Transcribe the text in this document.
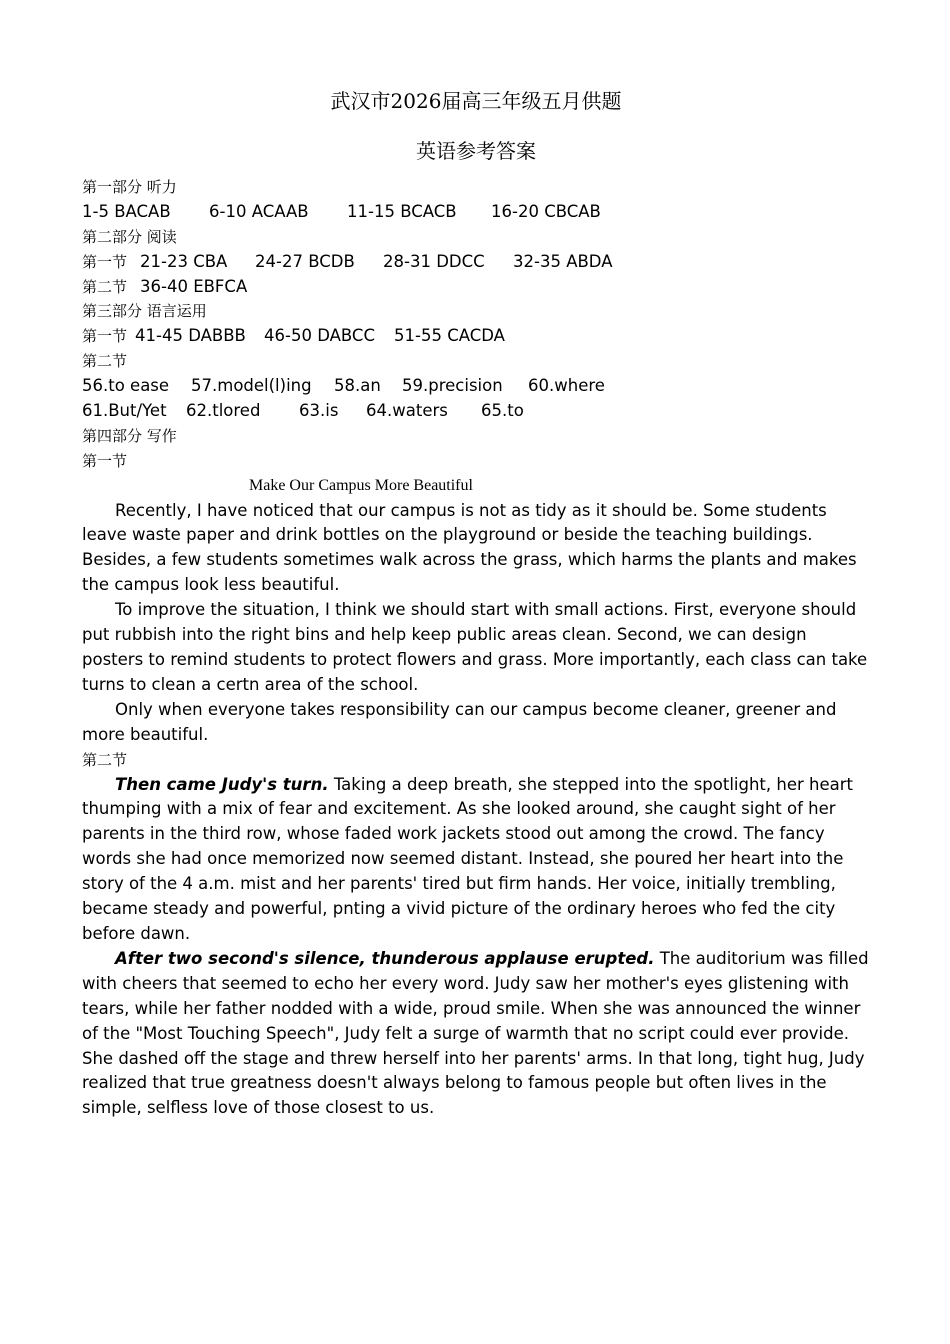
武汉市2026届高三年级五月供题
英语参考答案
第一部分 听力
1-5 BACAB 6-10 ACAAB 11-15 BCACB 16-20 CBCAB
第二部分 阅读
第一节 21-23 CBA 24-27 BCDB 28-31 DDCC 32-35 ABDA
第二节 36-40 EBFCA
第三部分 语言运用
第一节 41-45 DABBB 46-50 DABCC 51-55 CACDA
第二节
56.to ease 57.model(l)ing 58.an 59.precision 60.where
61.But/Yet 62.tlored 63.is 64.waters 65.to
第四部分 写作
第一节
Make Our Campus More Beautiful

Recently, I have noticed that our campus is not as tidy as it should be. Some students leave waste paper and drink bottles on the playground or beside the teaching buildings. Besides, a few students sometimes walk across the grass, which harms the plants and makes the campus look less beautiful.

To improve the situation, I think we should start with small actions. First, everyone should put rubbish into the right bins and help keep public areas clean. Second, we can design posters to remind students to protect flowers and grass. More importantly, each class can take turns to clean a certn area of the school.

Only when everyone takes responsibility can our campus become cleaner, greener and more beautiful.

第二节

Then came Judy's turn. Taking a deep breath, she stepped into the spotlight, her heart thumping with a mix of fear and excitement. As she looked around, she caught sight of her parents in the third row, whose faded work jackets stood out among the crowd. The fancy words she had once memorized now seemed distant. Instead, she poured her heart into the story of the 4 a.m. mist and her parents' tired but firm hands. Her voice, initially trembling, became steady and powerful, pnting a vivid picture of the ordinary heroes who fed the city before dawn.

After two second's silence, thunderous applause erupted. The auditorium was filled with cheers that seemed to echo her every word. Judy saw her mother's eyes glistening with tears, while her father nodded with a wide, proud smile. When she was announced the winner of the "Most Touching Speech", Judy felt a surge of warmth that no script could ever provide. She dashed off the stage and threw herself into her parents' arms. In that long, tight hug, Judy realized that true greatness doesn't always belong to famous people but often lives in the simple, selfless love of those closest to us.
